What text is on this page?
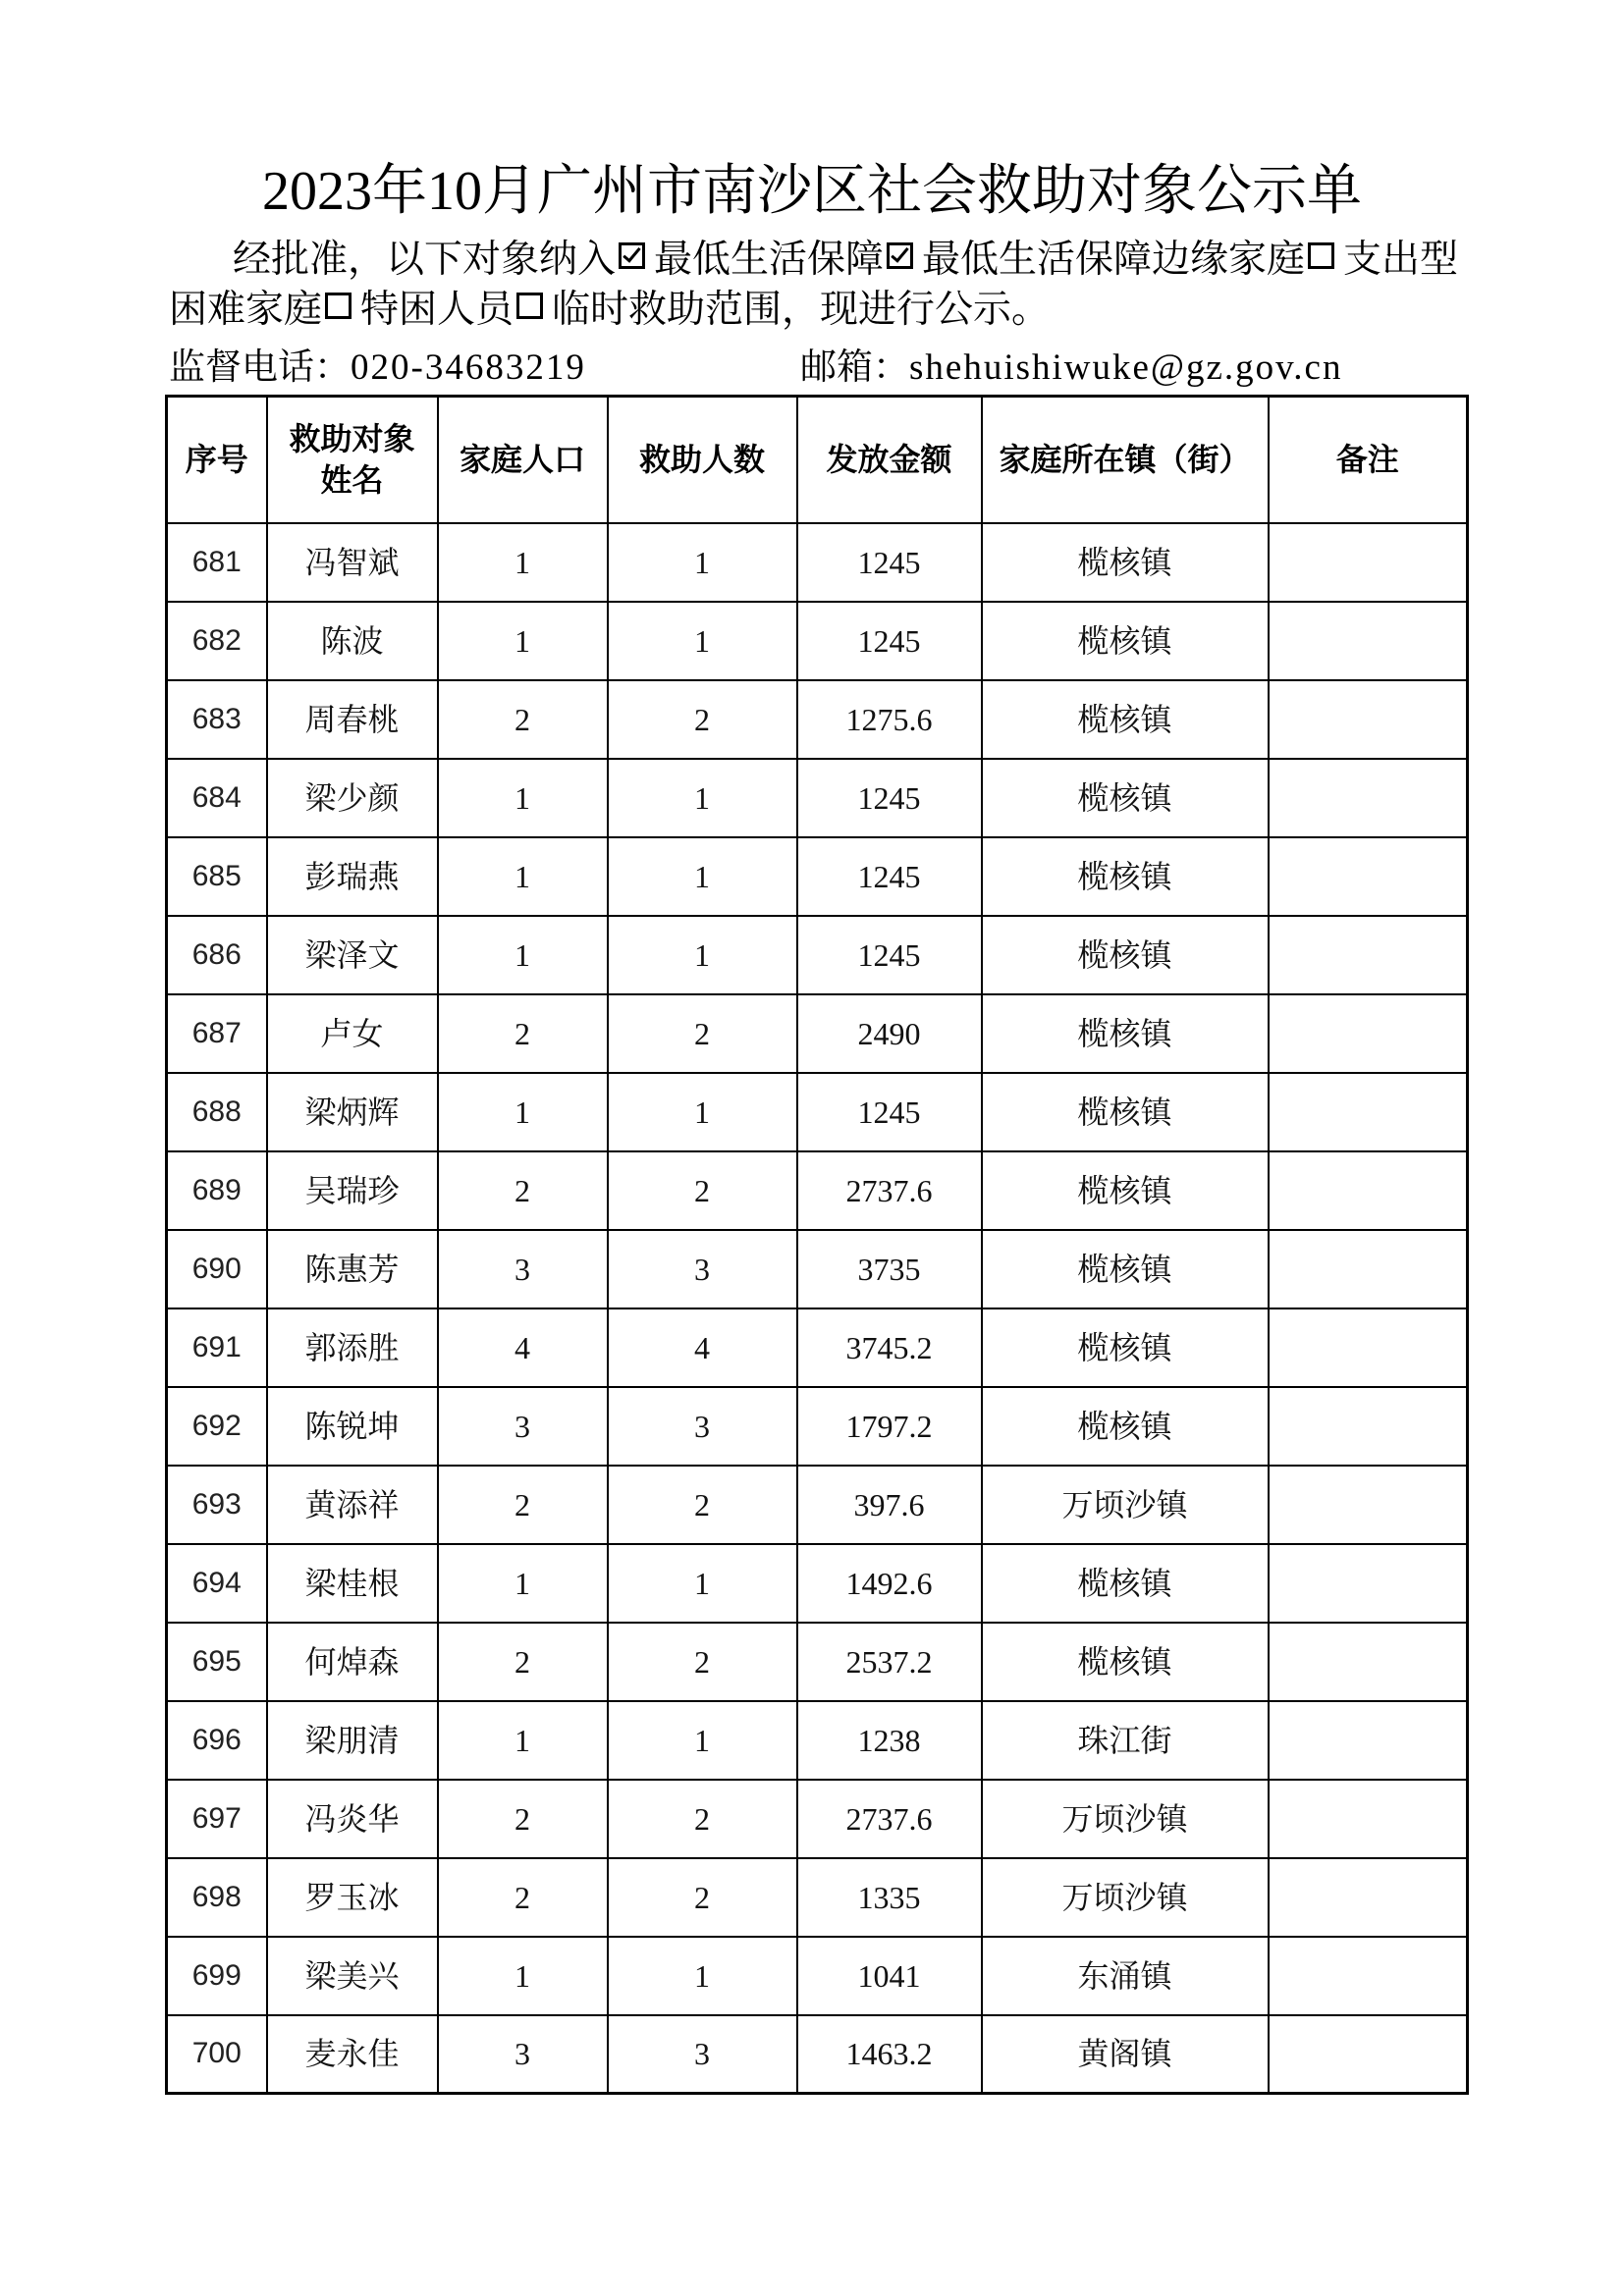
2023年10月广州市南沙区社会救助对象公示单

经批准，以下对象纳入 最低生活保障 最低生活保障边缘家庭 支出型困难家庭 特困人员 临时救助范围，现进行公示。

监督电话：020-34683219	邮箱：shehuishiwuke@gz.gov.cn
序号	救助对象姓名	家庭人口	救助人数	发放金额	家庭所在镇（街）	备注
681	冯智斌	1	1	1245	榄核镇	
682	陈波	1	1	1245	榄核镇	
683	周春桃	2	2	1275.6	榄核镇	
684	梁少颜	1	1	1245	榄核镇	
685	彭瑞燕	1	1	1245	榄核镇	
686	梁泽文	1	1	1245	榄核镇	
687	卢女	2	2	2490	榄核镇	
688	梁炳辉	1	1	1245	榄核镇	
689	吴瑞珍	2	2	2737.6	榄核镇	
690	陈惠芳	3	3	3735	榄核镇	
691	郭添胜	4	4	3745.2	榄核镇	
692	陈锐坤	3	3	1797.2	榄核镇	
693	黄添祥	2	2	397.6	万顷沙镇	
694	梁桂根	1	1	1492.6	榄核镇	
695	何焯森	2	2	2537.2	榄核镇	
696	梁朋清	1	1	1238	珠江街	
697	冯炎华	2	2	2737.6	万顷沙镇	
698	罗玉冰	2	2	1335	万顷沙镇	
699	梁美兴	1	1	1041	东涌镇	
700	麦永佳	3	3	1463.2	黄阁镇	
